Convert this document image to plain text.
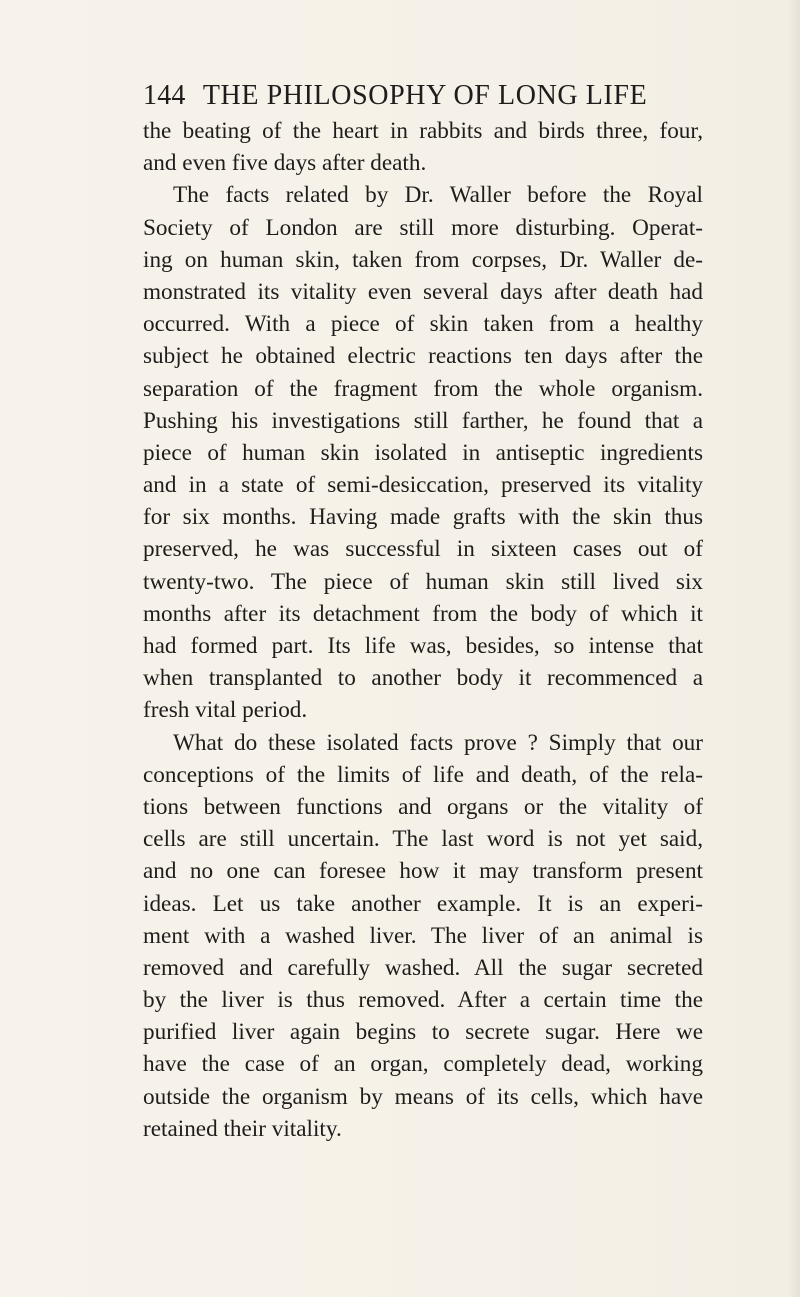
144 THE PHILOSOPHY OF LONG LIFE
the beating of the heart in rabbits and birds three, four,
and even five days after death.
The facts related by Dr. Waller before the Royal
Society of London are still more disturbing. Operat-
ing on human skin, taken from corpses, Dr. Waller de-
monstrated its vitality even several days after death had
occurred. With a piece of skin taken from a healthy
subject he obtained electric reactions ten days after the
separation of the fragment from the whole organism.
Pushing his investigations still farther, he found that a
piece of human skin isolated in antiseptic ingredients
and in a state of semi-desiccation, preserved its vitality
for six months. Having made grafts with the skin thus
preserved, he was successful in sixteen cases out of
twenty-two. The piece of human skin still lived six
months after its detachment from the body of which it
had formed part. Its life was, besides, so intense that
when transplanted to another body it recommenced a
fresh vital period.
What do these isolated facts prove ? Simply that our
conceptions of the limits of life and death, of the rela-
tions between functions and organs or the vitality of
cells are still uncertain. The last word is not yet said,
and no one can foresee how it may transform present
ideas. Let us take another example. It is an experi-
ment with a washed liver. The liver of an animal is
removed and carefully washed. All the sugar secreted
by the liver is thus removed. After a certain time the
purified liver again begins to secrete sugar. Here we
have the case of an organ, completely dead, working
outside the organism by means of its cells, which have
retained their vitality.
